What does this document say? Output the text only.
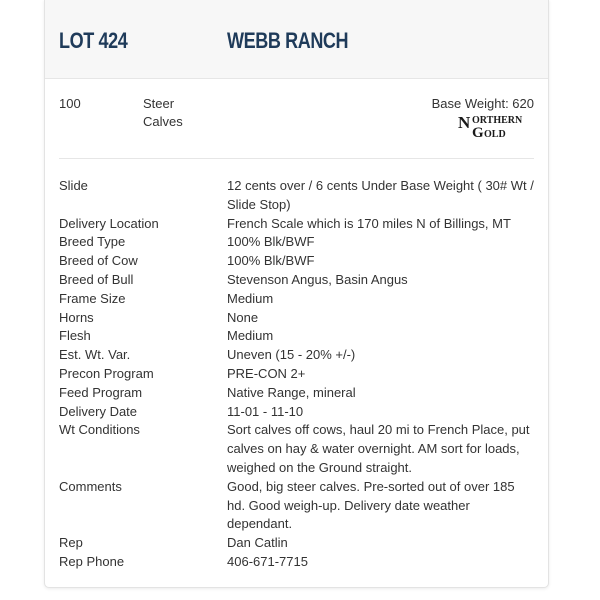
LOT 424	WEBB RANCH
100	Steer Calves
Base Weight: 620
N ORTHERN
G OLD
Slide	12 cents over / 6 cents Under Base Weight ( 30# Wt / Slide Stop)
Delivery Location	French Scale which is 170 miles N of Billings, MT
Breed Type	100% Blk/BWF
Breed of Cow	100% Blk/BWF
Breed of Bull	Stevenson Angus, Basin Angus
Frame Size	Medium
Horns	None
Flesh	Medium
Est. Wt. Var.	Uneven (15 - 20% +/-)
Precon Program	PRE-CON 2+
Feed Program	Native Range, mineral
Delivery Date	11-01 - 11-10
Wt Conditions	Sort calves off cows, haul 20 mi to French Place, put calves on hay & water overnight. AM sort for loads, weighed on the Ground straight.
Comments	Good, big steer calves. Pre-sorted out of over 185 hd. Good weigh-up. Delivery date weather dependant.
Rep	Dan Catlin
Rep Phone	406-671-7715
